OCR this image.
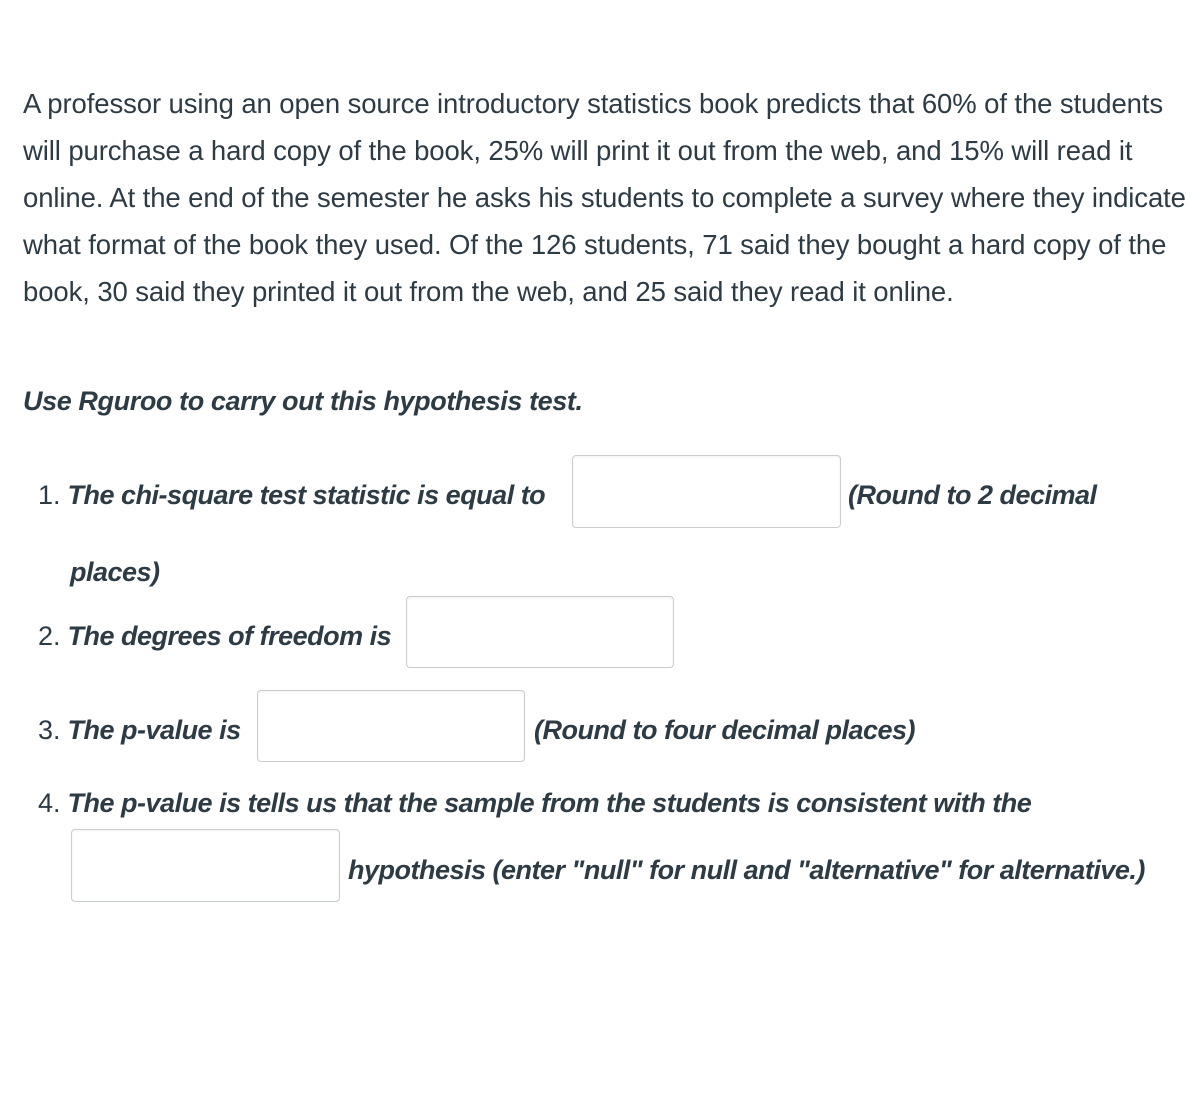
A professor using an open source introductory statistics book predicts that 60% of the students will purchase a hard copy of the book, 25% will print it out from the web, and 15% will read it online. At the end of the semester he asks his students to complete a survey where they indicate what format of the book they used. Of the 126 students, 71 said they bought a hard copy of the book, 30 said they printed it out from the web, and 25 said they read it online.

Use Rguroo to carry out this hypothesis test.

1. The chi-square test statistic is equal to	(Round to 2 decimal
places)
2. The degrees of freedom is
3. The p-value is	(Round to four decimal places)
4. The p-value is tells us that the sample from the students is consistent with the
hypothesis (enter "null" for null and "alternative" for alternative.)
